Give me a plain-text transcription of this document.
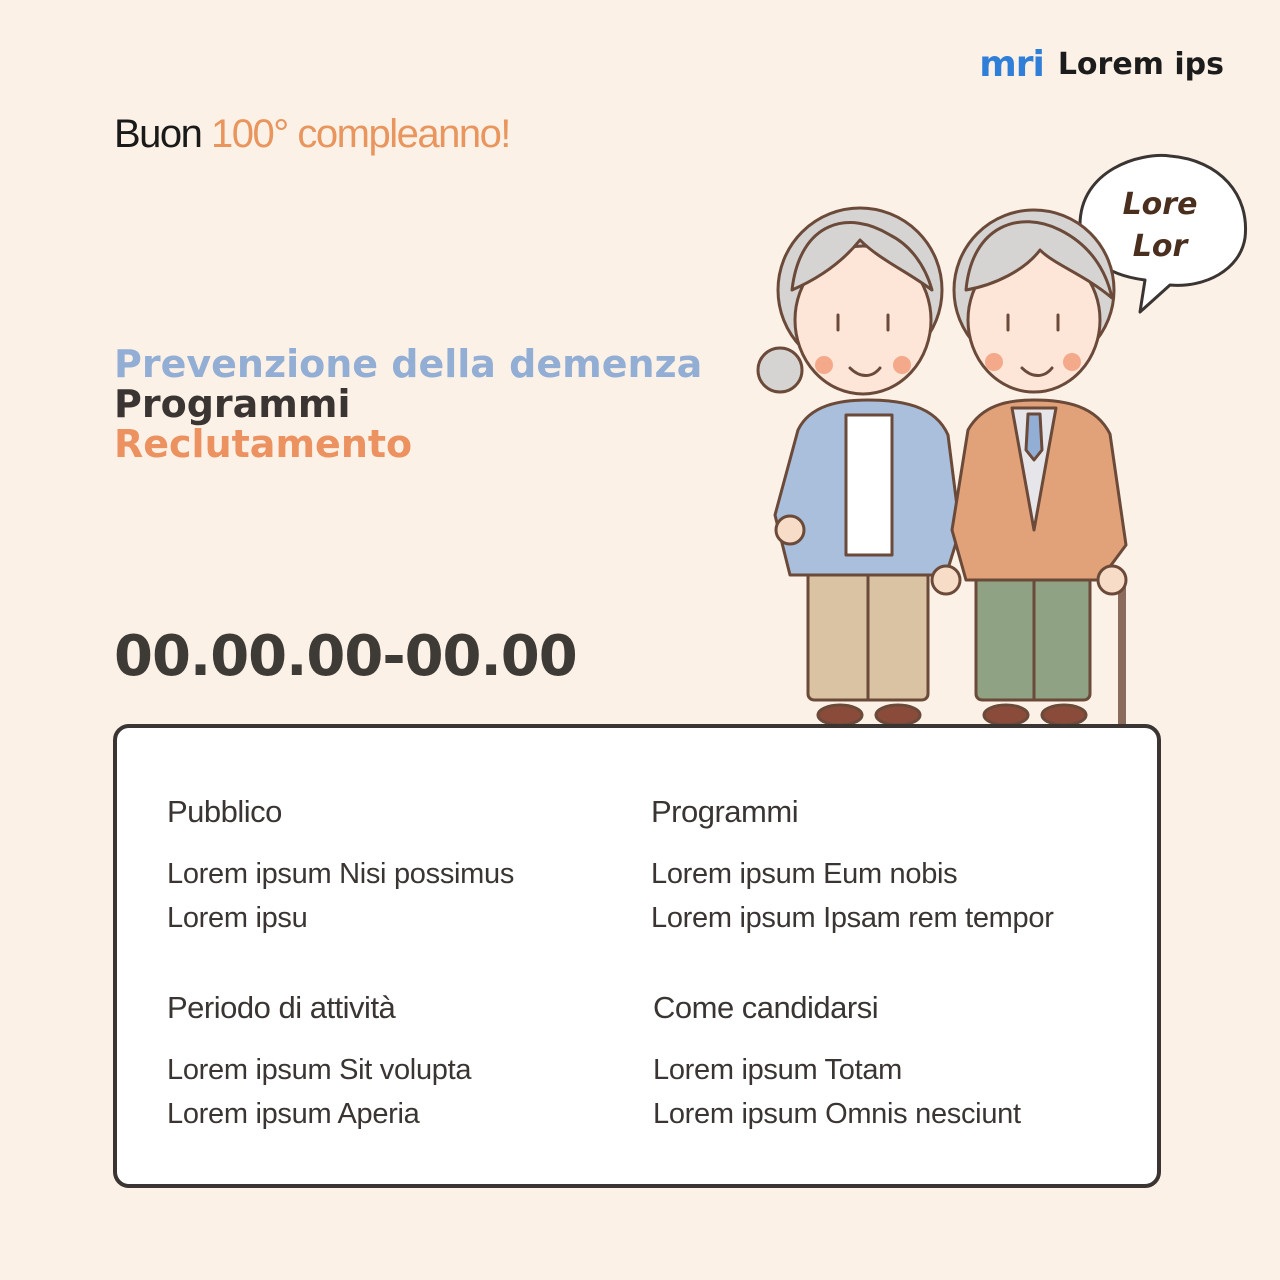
mri Lorem ips
Buon 100° compleanno!
Prevenzione della demenza
Programmi
Reclutamento
00.00.00-00.00
Lore
Lor
Pubblico

Lorem ipsum Nisi possimus

Lorem ipsu

Programmi

Lorem ipsum Eum nobis

Lorem ipsum Ipsam rem tempor

Periodo di attività

Lorem ipsum Sit volupta

Lorem ipsum Aperia

Come candidarsi

Lorem ipsum Totam

Lorem ipsum Omnis nesciunt
